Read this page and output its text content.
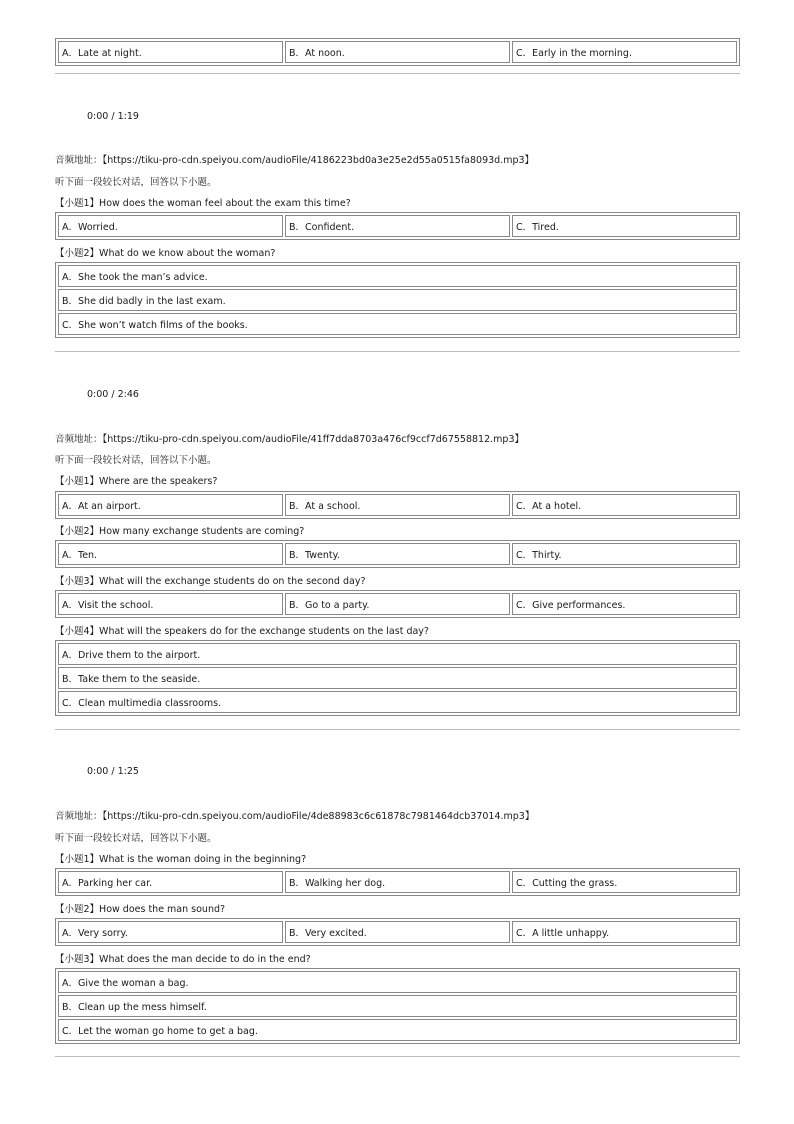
A．Late at night.	B．At noon.	C．Early in the morning.
0:00 / 1:19
音频地址：【https://tiku-pro-cdn.speiyou.com/audioFile/4186223bd0a3e25e2d55a0515fa8093d.mp3】
听下面一段较长对话，回答以下小题。
【小题1】How does the woman feel about the exam this time?
A．Worried.	B．Confident.	C．Tired.
【小题2】What do we know about the woman?
A．She took the man’s advice.
B．She did badly in the last exam.
C．She won’t watch films of the books.
0:00 / 2:46
音频地址：【https://tiku-pro-cdn.speiyou.com/audioFile/41ff7dda8703a476cf9ccf7d67558812.mp3】
听下面一段较长对话，回答以下小题。
【小题1】Where are the speakers?
A．At an airport.	B．At a school.	C．At a hotel.
【小题2】How many exchange students are coming?
A．Ten.	B．Twenty.	C．Thirty.
【小题3】What will the exchange students do on the second day?
A．Visit the school.	B．Go to a party.	C．Give performances.
【小题4】What will the speakers do for the exchange students on the last day?
A．Drive them to the airport.
B．Take them to the seaside.
C．Clean multimedia classrooms.
0:00 / 1:25
音频地址：【https://tiku-pro-cdn.speiyou.com/audioFile/4de88983c6c61878c7981464dcb37014.mp3】
听下面一段较长对话，回答以下小题。
【小题1】What is the woman doing in the beginning?
A．Parking her car.	B．Walking her dog.	C．Cutting the grass.
【小题2】How does the man sound?
A．Very sorry.	B．Very excited.	C．A little unhappy.
【小题3】What does the man decide to do in the end?
A．Give the woman a bag.
B．Clean up the mess himself.
C．Let the woman go home to get a bag.
